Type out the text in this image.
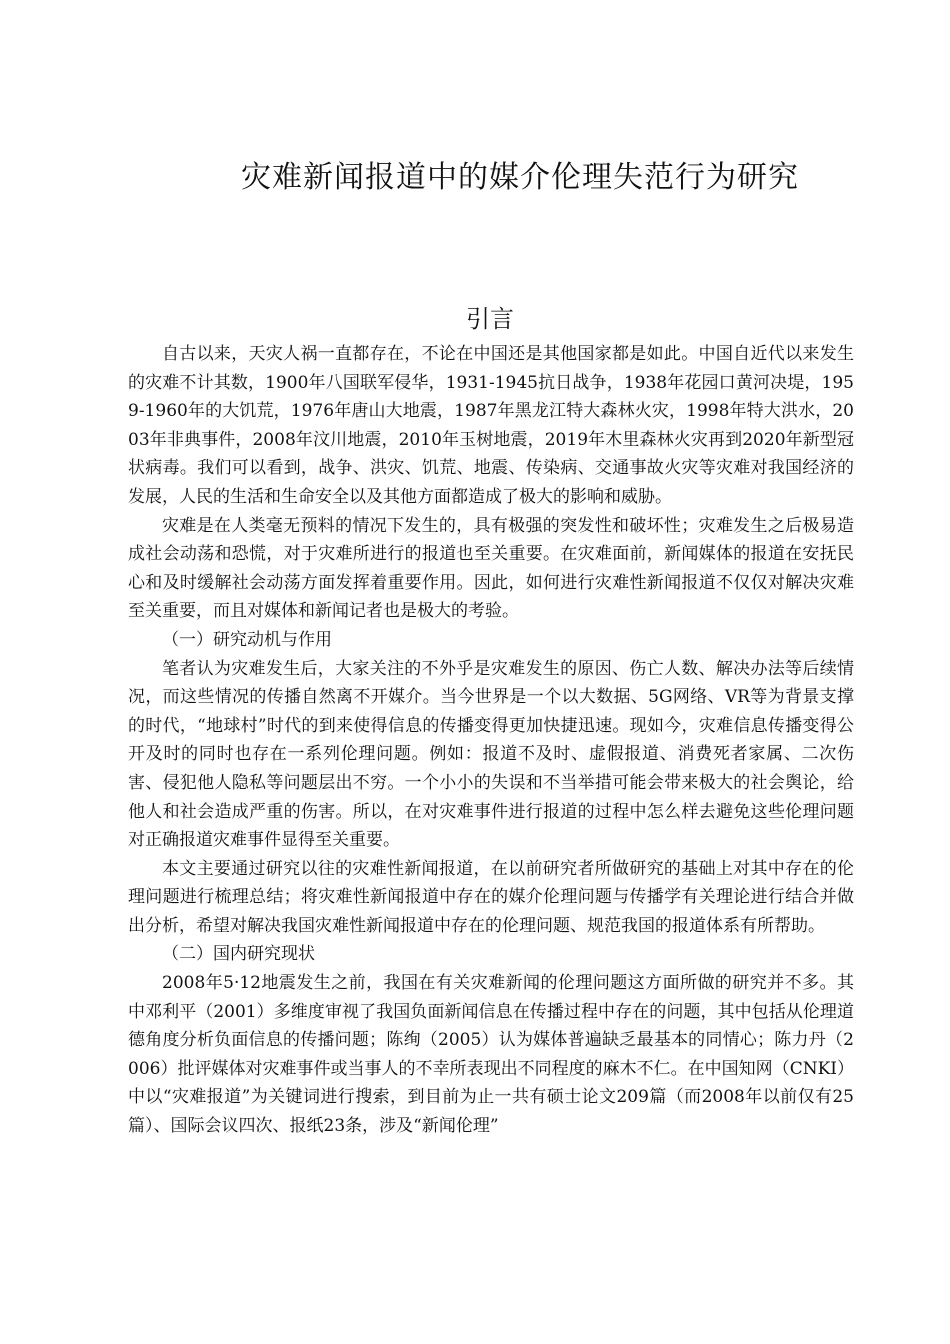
灾难新闻报道中的媒介伦理失范行为研究
引言

自古以来，天灾人祸一直都存在，不论在中国还是其他国家都是如此。中国自近代以来发生的灾难不计其数，1900年八国联军侵华，1931-1945抗日战争，1938年花园口黄河决堤，1959-1960年的大饥荒，1976年唐山大地震，1987年黑龙江特大森林火灾，1998年特大洪水，2003年非典事件，2008年汶川地震，2010年玉树地震，2019年木里森林火灾再到2020年新型冠状病毒。我们可以看到，战争、洪灾、饥荒、地震、传染病、交通事故火灾等灾难对我国经济的发展，人民的生活和生命安全以及其他方面都造成了极大的影响和威胁。

灾难是在人类毫无预料的情况下发生的，具有极强的突发性和破坏性；灾难发生之后极易造成社会动荡和恐慌，对于灾难所进行的报道也至关重要。在灾难面前，新闻媒体的报道在安抚民心和及时缓解社会动荡方面发挥着重要作用。因此，如何进行灾难性新闻报道不仅仅对解决灾难至关重要，而且对媒体和新闻记者也是极大的考验。

（一）研究动机与作用

笔者认为灾难发生后，大家关注的不外乎是灾难发生的原因、伤亡人数、解决办法等后续情况，而这些情况的传播自然离不开媒介。当今世界是一个以大数据、5G网络、VR等为背景支撑的时代，“地球村”时代的到来使得信息的传播变得更加快捷迅速。现如今，灾难信息传播变得公开及时的同时也存在一系列伦理问题。例如：报道不及时、虚假报道、消费死者家属、二次伤害、侵犯他人隐私等问题层出不穷。一个小小的失误和不当举措可能会带来极大的社会舆论，给他人和社会造成严重的伤害。所以，在对灾难事件进行报道的过程中怎么样去避免这些伦理问题对正确报道灾难事件显得至关重要。

本文主要通过研究以往的灾难性新闻报道，在以前研究者所做研究的基础上对其中存在的伦理问题进行梳理总结；将灾难性新闻报道中存在的媒介伦理问题与传播学有关理论进行结合并做出分析，希望对解决我国灾难性新闻报道中存在的伦理问题、规范我国的报道体系有所帮助。

（二）国内研究现状

2008年5·12地震发生之前，我国在有关灾难新闻的伦理问题这方面所做的研究并不多。其中邓利平（2001）多维度审视了我国负面新闻信息在传播过程中存在的问题，其中包括从伦理道德角度分析负面信息的传播问题；陈绚（2005）认为媒体普遍缺乏最基本的同情心；陈力丹（2006）批评媒体对灾难事件或当事人的不幸所表现出不同程度的麻木不仁。在中国知网（CNKI）中以“灾难报道”为关键词进行搜索，到目前为止一共有硕士论文209篇（而2008年以前仅有25篇）、国际会议四次、报纸23条，涉及“新闻伦理”
